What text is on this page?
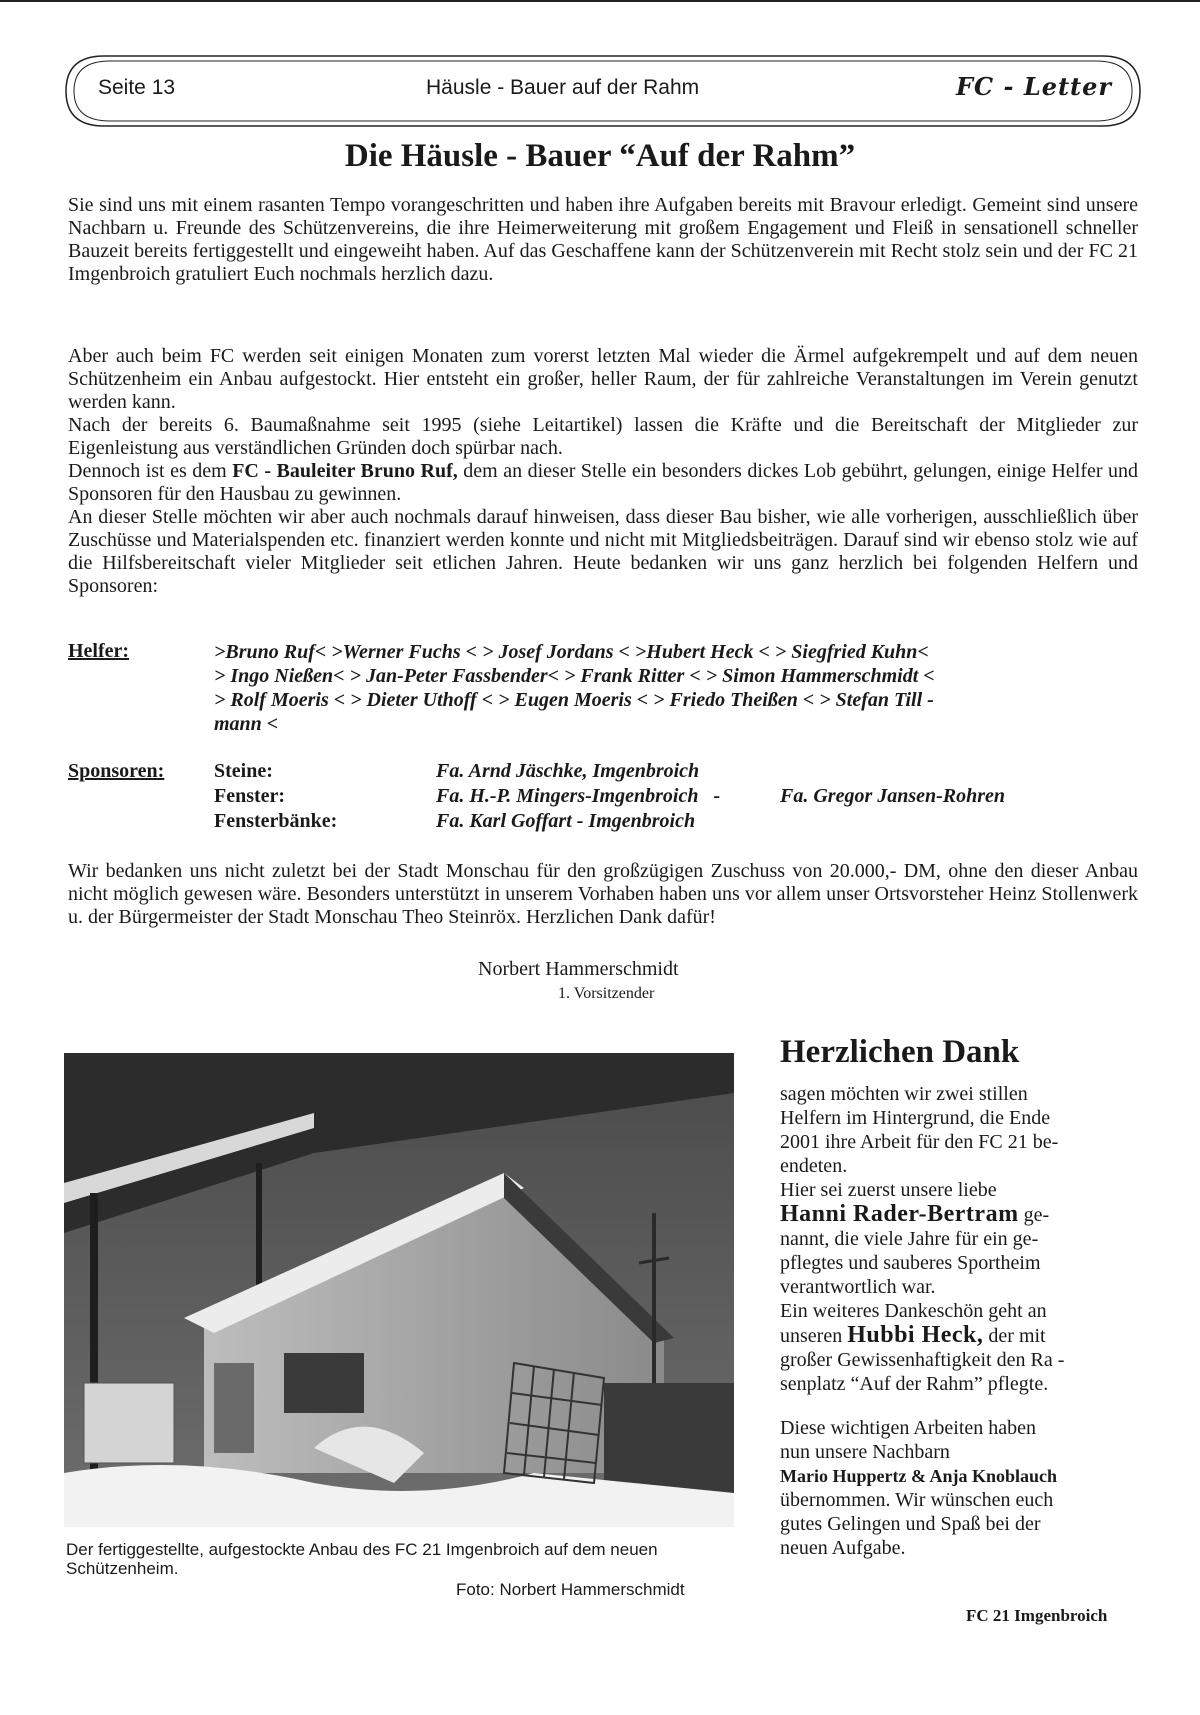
Seite 13	Häusle - Bauer auf der Rahm	FC - Letter
Die Häusle - Bauer “Auf der Rahm”

Sie sind uns mit einem rasanten Tempo vorangeschritten und haben ihre Aufgaben bereits mit Bravour erledigt. Gemeint sind unsere Nachbarn u. Freunde des Schützenvereins, die ihre Heimerweiterung mit großem Engagement und Fleiß in sensationell schneller Bauzeit bereits fertiggestellt und eingeweiht haben. Auf das Geschaffene kann der Schützenverein mit Recht stolz sein und der FC 21 Imgenbroich gratuliert Euch nochmals herzlich dazu.

Aber auch beim FC werden seit einigen Monaten zum vorerst letzten Mal wieder die Ärmel aufgekrempelt und auf dem neuen Schützenheim ein Anbau aufgestockt. Hier entsteht ein großer, heller Raum, der für zahlreiche Veranstaltungen im Verein genutzt werden kann.

Nach der bereits 6. Baumaßnahme seit 1995 (siehe Leitartikel) lassen die Kräfte und die Bereitschaft der Mitglieder zur Eigenleistung aus verständlichen Gründen doch spürbar nach.

Dennoch ist es dem FC - Bauleiter Bruno Ruf, dem an dieser Stelle ein besonders dickes Lob gebührt, gelungen, einige Helfer und Sponsoren für den Hausbau zu gewinnen.

An dieser Stelle möchten wir aber auch nochmals darauf hinweisen, dass dieser Bau bisher, wie alle vorherigen, ausschließlich über Zuschüsse und Materialspenden etc. finanziert werden konnte und nicht mit Mitgliedsbeiträgen. Darauf sind wir ebenso stolz wie auf die Hilfsbereitschaft vieler Mitglieder seit etlichen Jahren. Heute bedanken wir uns ganz herzlich bei folgenden Helfern und Sponsoren:

Helfer:	>Bruno Ruf< >Werner Fuchs < > Josef Jordans < >Hubert Heck < > Siegfried Kuhn<
> Ingo Nießen< > Jan-Peter Fassbender< > Frank Ritter < > Simon Hammerschmidt <
> Rolf Moeris < > Dieter Uthoff < > Eugen Moeris < > Friedo Theißen < > Stefan Till -
mann <
Sponsoren: Steine:	Fa. Arnd Jäschke, Imgenbroich
Fenster:	Fa. H.-P. Mingers-Imgenbroich   -	Fa. Gregor Jansen-Rohren
Fensterbänke:	Fa. Karl Goffart - Imgenbroich

Wir bedanken uns nicht zuletzt bei der Stadt Monschau für den großzügigen Zuschuss von 20.000,- DM, ohne den dieser Anbau nicht möglich gewesen wäre. Besonders unterstützt in unserem Vorhaben haben uns vor allem unser Ortsvorsteher Heinz Stollenwerk u. der Bürgermeister der Stadt Monschau Theo Steinröx. Herzlichen Dank dafür!

Norbert Hammerschmidt
1. Vorsitzender
Der fertiggestellte, aufgestockte Anbau des FC 21 Imgenbroich auf dem neuen Schützenheim.
Foto: Norbert Hammerschmidt
Herzlichen Dank
sagen möchten wir zwei stillen
Helfern im Hintergrund, die Ende
2001 ihre Arbeit für den FC 21 be-
endeten.
Hier sei zuerst unsere liebe
Hanni Rader-Bertram ge-
nannt, die viele Jahre für ein ge-
pflegtes und sauberes Sportheim
verantwortlich war.
Ein weiteres Dankeschön geht an
unseren Hubbi Heck, der mit
großer Gewissenhaftigkeit den Ra -
senplatz “Auf der Rahm” pflegte.
Diese wichtigen Arbeiten haben
nun unsere Nachbarn
Mario Huppertz & Anja Knoblauch
übernommen. Wir wünschen euch
gutes Gelingen und Spaß bei der
neuen Aufgabe.
FC 21 Imgenbroich
